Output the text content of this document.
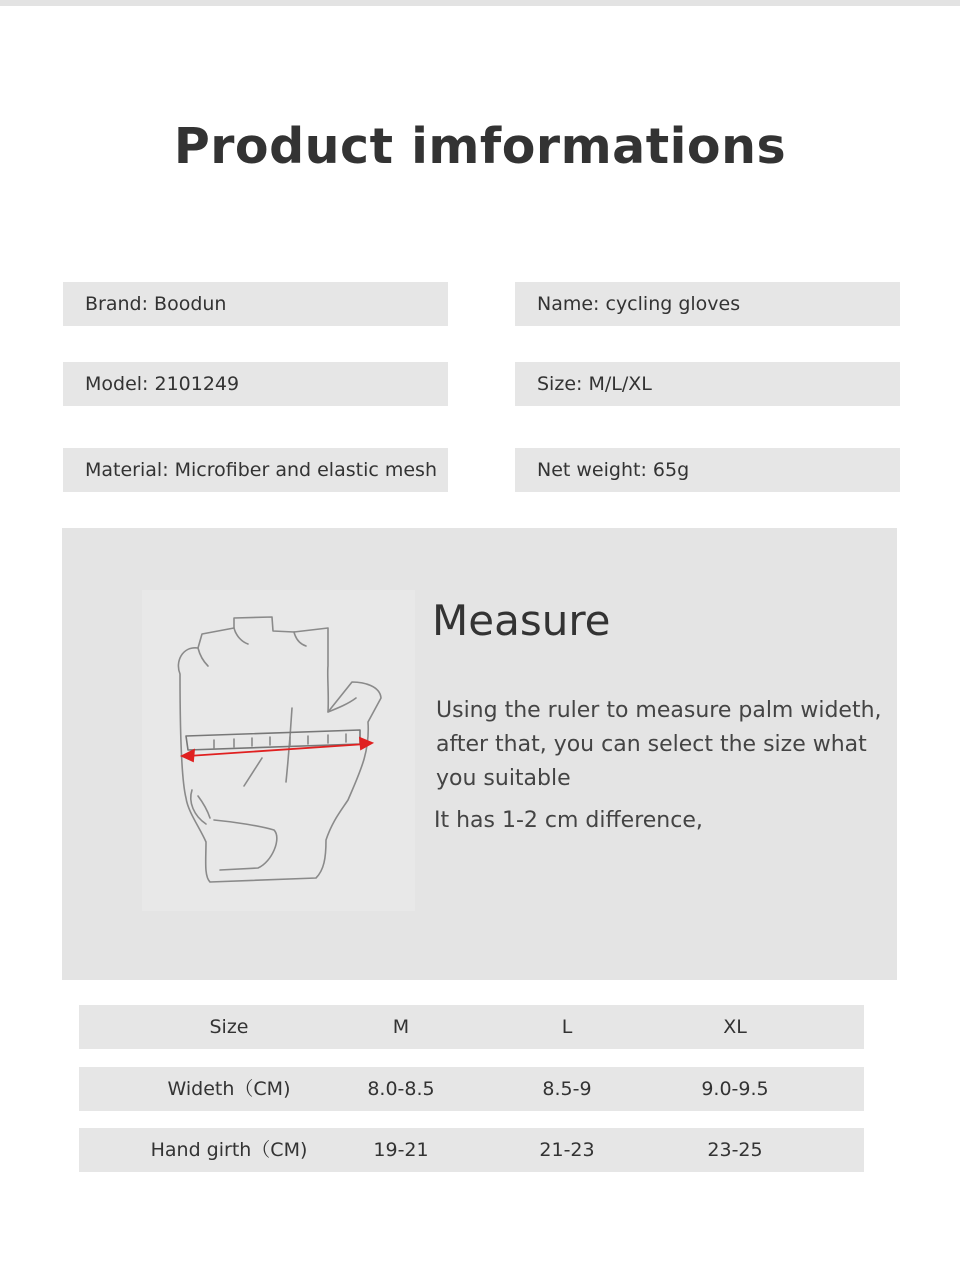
Product imformations
Brand: Boodun	Name: cycling gloves
Model: 2101249	Size: M/L/XL
Material: Microfiber and elastic mesh	Net weight: 65g
Measure
Using the ruler to measure palm wideth, after that, you can select the size what you suitable
It has 1-2 cm difference,
Size	M	L	XL
Wideth（CM)	8.0-8.5	8.5-9	9.0-9.5
Hand girth（CM)	19-21	21-23	23-25
